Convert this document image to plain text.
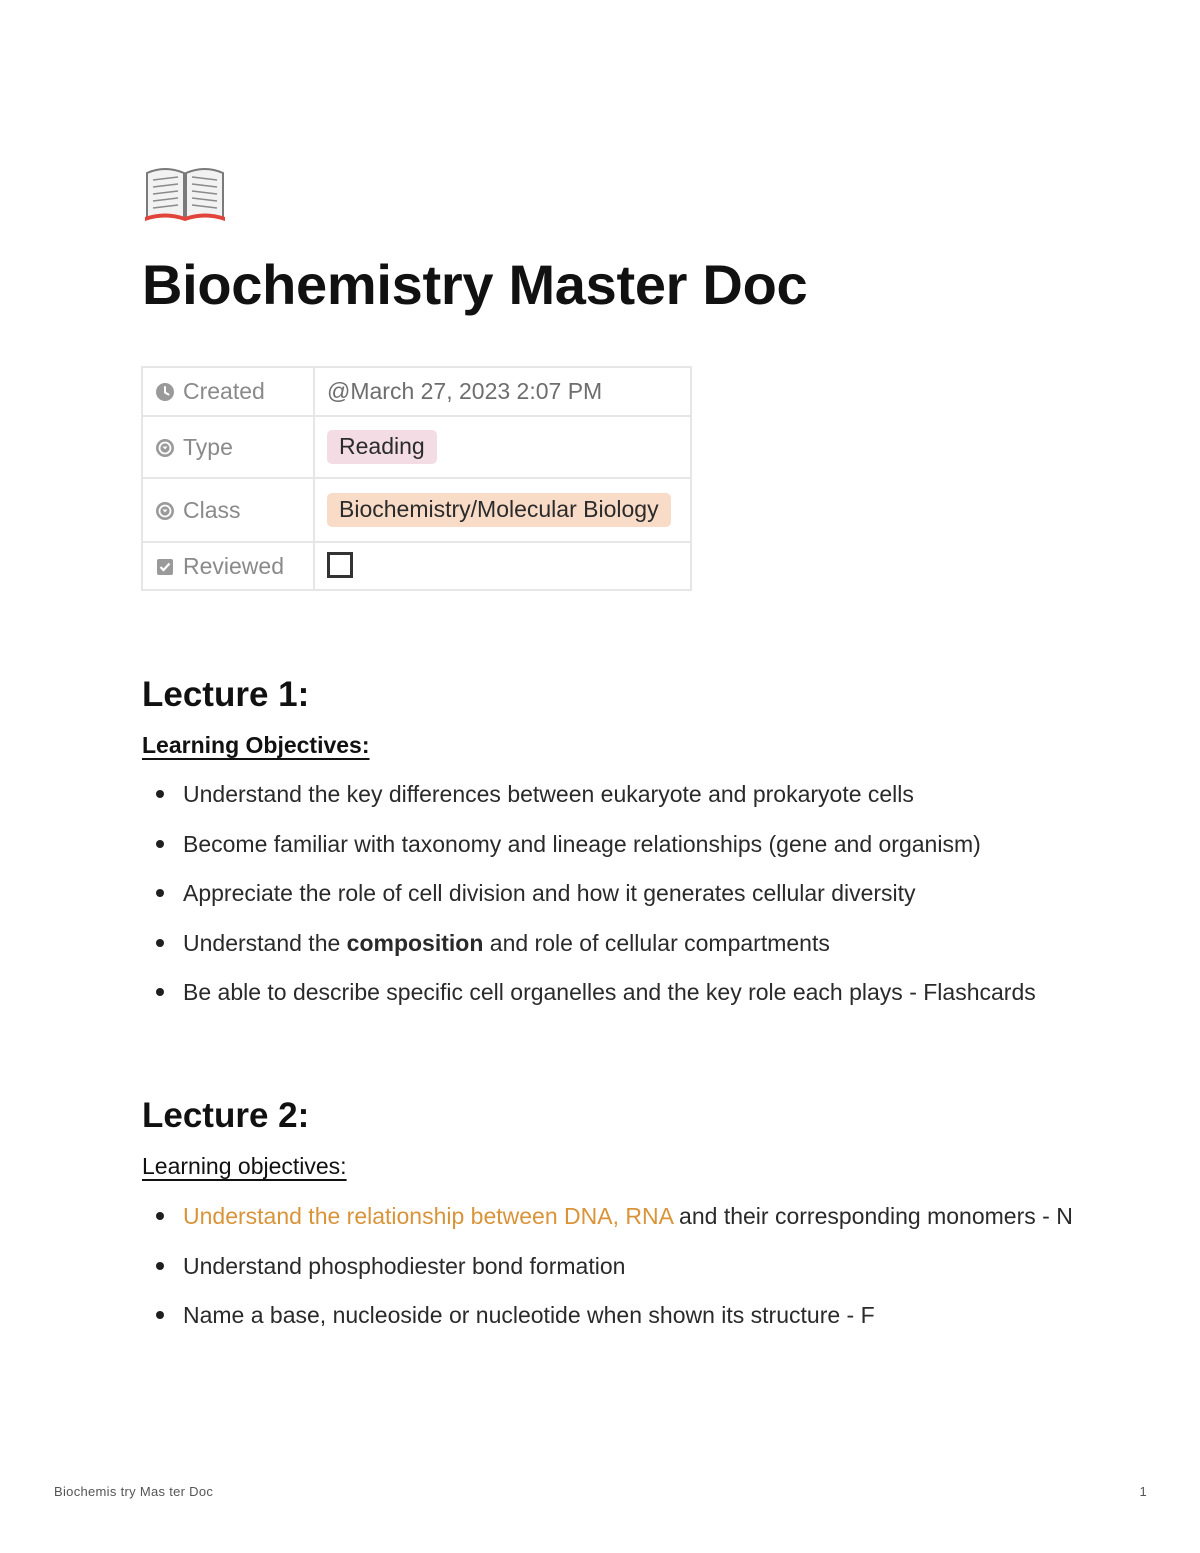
Biochemistry Master Doc
Created	@March 27, 2023 2:07 PM
Type	Reading
Class	Biochemistry/Molecular Biology
Reviewed	
Lecture 1:

Learning Objectives:

Understand the key differences between eukaryote and prokaryote cells
Become familiar with taxonomy and lineage relationships (gene and organism)
Appreciate the role of cell division and how it generates cellular diversity
Understand the composition and role of cellular compartments
Be able to describe specific cell organelles and the key role each plays - Flashcards
Lecture 2:

Learning objectives:

Understand the relationship between DNA, RNA and their corresponding monomers - N
Understand phosphodiester bond formation
Name a base, nucleoside or nucleotide when shown its structure - F
Biochemis try Mas ter Doc	1
